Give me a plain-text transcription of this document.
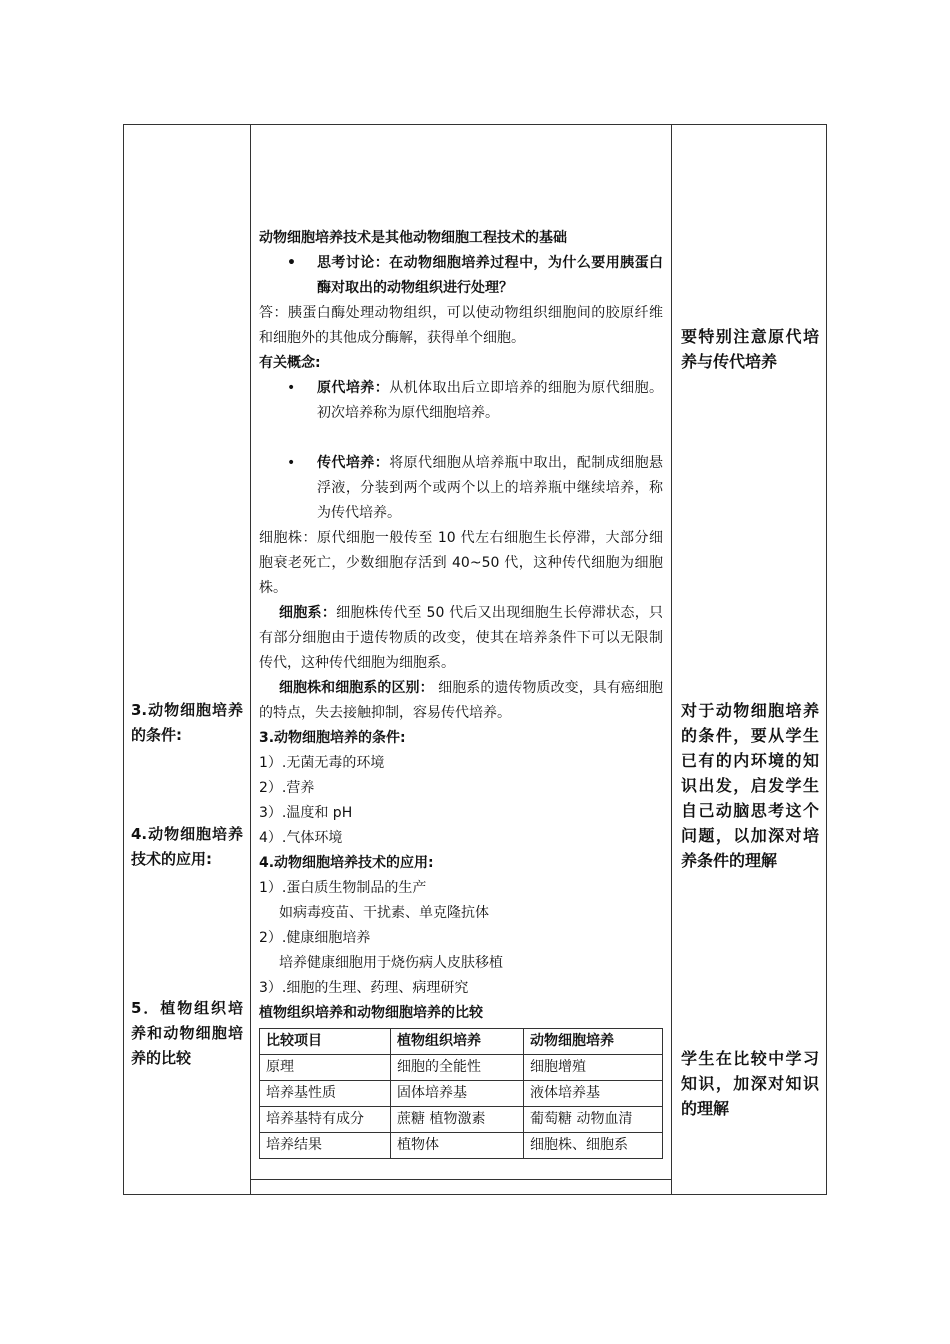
3.动物细胞培养的条件:
4.动物细胞培养技术的应用:
5．植物组织培养和动物细胞培养的比较
要特别注意原代培养与传代培养
对于动物细胞培养的条件，要从学生已有的内环境的知识出发，启发学生自己动脑思考这个问题，以加深对培养条件的理解
学生在比较中学习知识，加深对知识的理解

动物细胞培养技术是其他动物细胞工程技术的基础

• 思考讨论：在动物细胞培养过程中，为什么要用胰蛋白酶对取出的动物组织进行处理？

答：胰蛋白酶处理动物组织，可以使动物组织细胞间的胶原纤维和细胞外的其他成分酶解，获得单个细胞。

有关概念:

• 原代培养：从机体取出后立即培养的细胞为原代细胞。初次培养称为原代细胞培养。

• 传代培养：将原代细胞从培养瓶中取出，配制成细胞悬浮液，分装到两个或两个以上的培养瓶中继续培养，称为传代培养。

细胞株：原代细胞一般传至 10 代左右细胞生长停滞，大部分细胞衰老死亡，少数细胞存活到 40~50 代，这种传代细胞为细胞株。

细胞系：细胞株传代至 50 代后又出现细胞生长停滞状态，只有部分细胞由于遗传物质的改变，使其在培养条件下可以无限制传代，这种传代细胞为细胞系。

细胞株和细胞系的区别： 细胞系的遗传物质改变，具有癌细胞的特点，失去接触抑制，容易传代培养。

3.动物细胞培养的条件:

1）.无菌无毒的环境

2）.营养

3）.温度和 pH

4）.气体环境

4.动物细胞培养技术的应用:

1）.蛋白质生物制品的生产

如病毒疫苗、干扰素、单克隆抗体

2）.健康细胞培养

培养健康细胞用于烧伤病人皮肤移植

3）.细胞的生理、药理、病理研究

植物组织培养和动物细胞培养的比较

比较项目	植物组织培养	动物细胞培养
原理	细胞的全能性	细胞增殖
培养基性质	固体培养基	液体培养基
培养基特有成分	蔗糖 植物激素	葡萄糖 动物血清
培养结果	植物体	细胞株、细胞系
